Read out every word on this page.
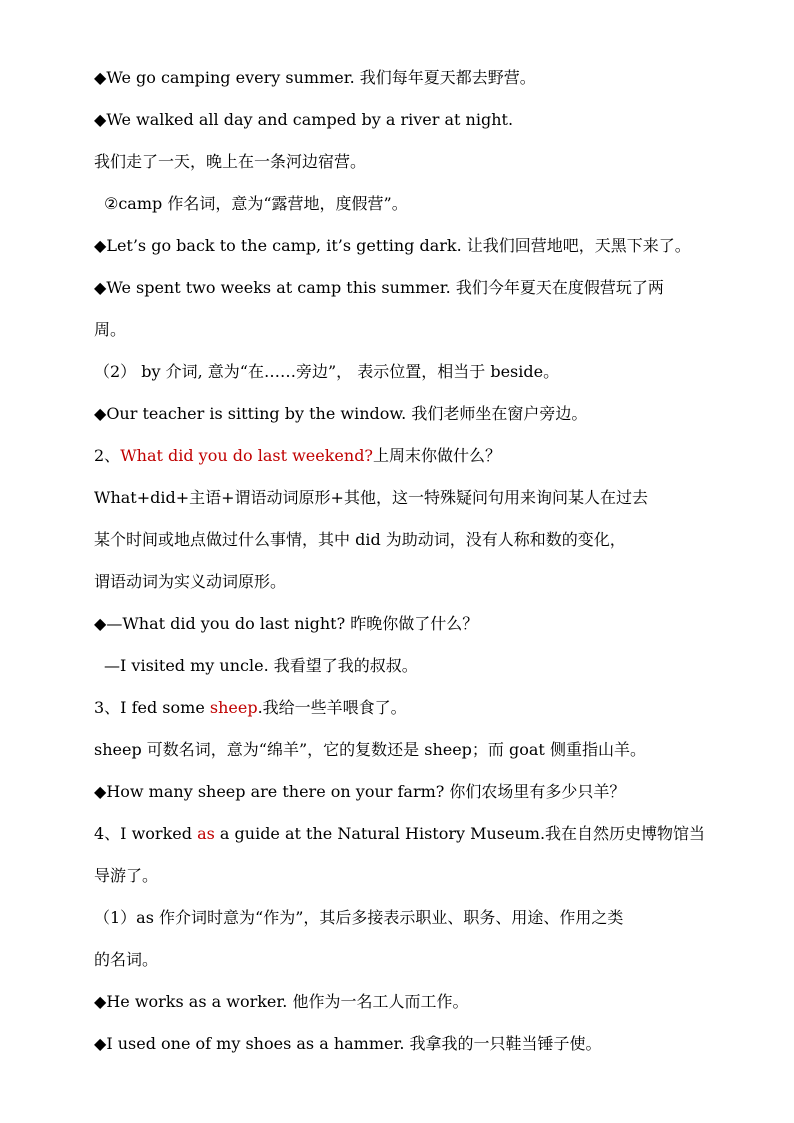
◆We go camping every summer. 我们每年夏天都去野营。
◆We walked all day and camped by a river at night.
我们走了一天，晚上在一条河边宿营。
②camp 作名词，意为“露营地，度假营”。
◆Let’s go back to the camp, it’s getting dark. 让我们回营地吧，天黑下来了。
◆We spent two weeks at camp this summer. 我们今年夏天在度假营玩了两
周。
（2） by 介词, 意为“在……旁边”， 表示位置，相当于 beside。
◆Our teacher is sitting by the window. 我们老师坐在窗户旁边。
2、What did you do last weekend?上周末你做什么？
What+did+主语+谓语动词原形+其他，这一特殊疑问句用来询问某人在过去
某个时间或地点做过什么事情，其中 did 为助动词，没有人称和数的变化，
谓语动词为实义动词原形。
◆—What did you do last night? 昨晚你做了什么？
—I visited my uncle. 我看望了我的叔叔。
3、I fed some sheep.我给一些羊喂食了。
sheep 可数名词，意为“绵羊”，它的复数还是 sheep；而 goat 侧重指山羊。
◆How many sheep are there on your farm? 你们农场里有多少只羊？
4、I worked as a guide at the Natural History Museum.我在自然历史博物馆当
导游了。
（1）as 作介词时意为“作为”，其后多接表示职业、职务、用途、作用之类
的名词。
◆He works as a worker. 他作为一名工人而工作。
◆I used one of my shoes as a hammer. 我拿我的一只鞋当锤子使。
